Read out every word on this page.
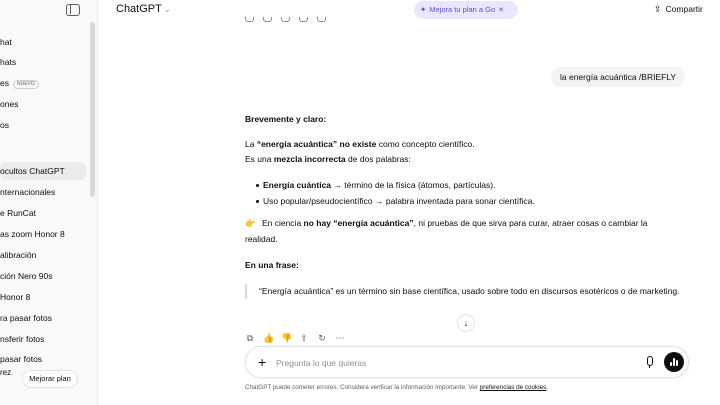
hat
hats
es NUEVO
ones
os
ocultos ChatGPT
nternacionales
e RunCat
as zoom Honor 8
alibración
ción Nero 90s
Honor 8
ra pasar fotos
nsferir fotos
pasar fotos
rez
Mejorar plan
ChatGPT ⌄	✦ Mejora tu plan a Go ✕	⇪ Compartir
la energía acuántica /BRIEFLY
Brevemente y claro:
La “energía acuántica” no existe como concepto científico.
Es una mezcla incorrecta de dos palabras:
Energía cuántica → término de la física (átomos, partículas).
Uso popular/pseudocientífico → palabra inventada para sonar científica.
👉 En ciencia no hay “energía acuántica”, ni pruebas de que sirva para curar, atraer cosas o cambiar la
realidad.
En una frase:
“Energía acuántica” es un término sin base científica, usado sobre todo en discursos esotéricos o de marketing.
↓
⧉ 👍 👎 ⇪ ↻ ⋯
+
Pregunta lo que quieras
ChatGPT puede cometer errores. Considera verificar la información importante. Ver preferencias de cookies.
